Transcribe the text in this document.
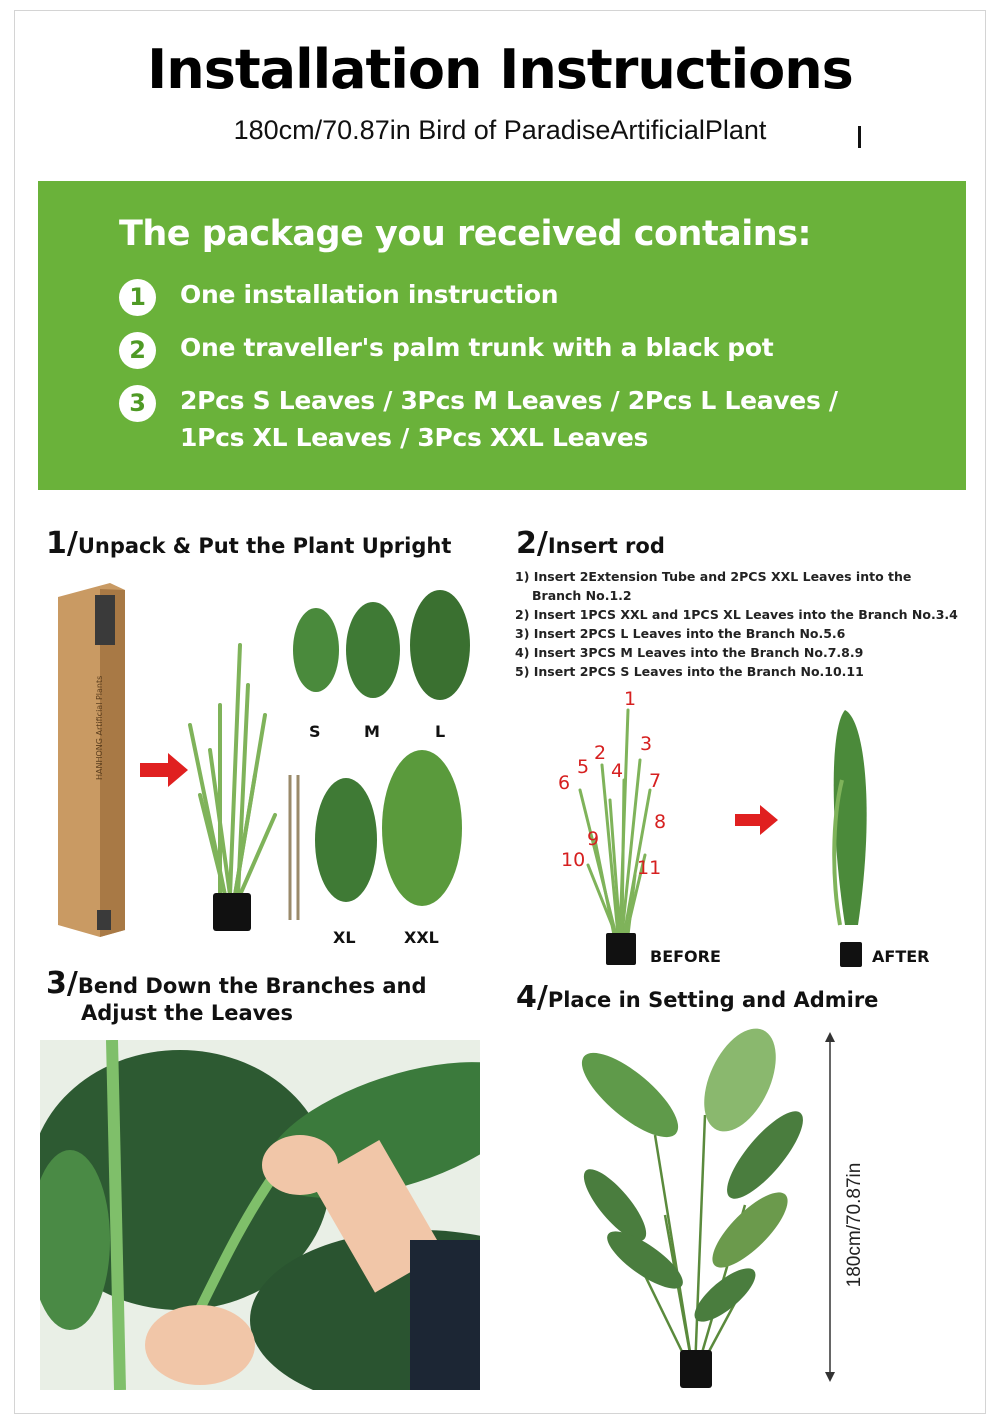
Installation Instructions
180cm/70.87in Bird of ParadiseArtificialPlant
The package you received contains:
1	One installation instruction
2	One traveller's palm trunk with a black pot
3	2Pcs S Leaves / 3Pcs M Leaves / 2Pcs L Leaves /
1Pcs XL Leaves / 3Pcs XXL Leaves
1/Unpack & Put the Plant Upright
HANHONG Artificial Plants	S	M	L
XL	XXL
2/Insert rod
1) Insert 2Extension Tube and 2PCS XXL Leaves into the
Branch No.1.2
2) Insert 1PCS XXL and 1PCS XL Leaves into the Branch No.3.4
3) Insert 2PCS L Leaves into the Branch No.5.6
4) Insert 3PCS M Leaves into the Branch No.7.8.9
5) Insert 2PCS S Leaves into the Branch No.10.11
1
2 3
4
5
6	7
8
9
10	11
BEFORE	AFTER
3/Bend Down the Branches and
Adjust the Leaves	4/Place in Setting and Admire
180cm/70.87in
